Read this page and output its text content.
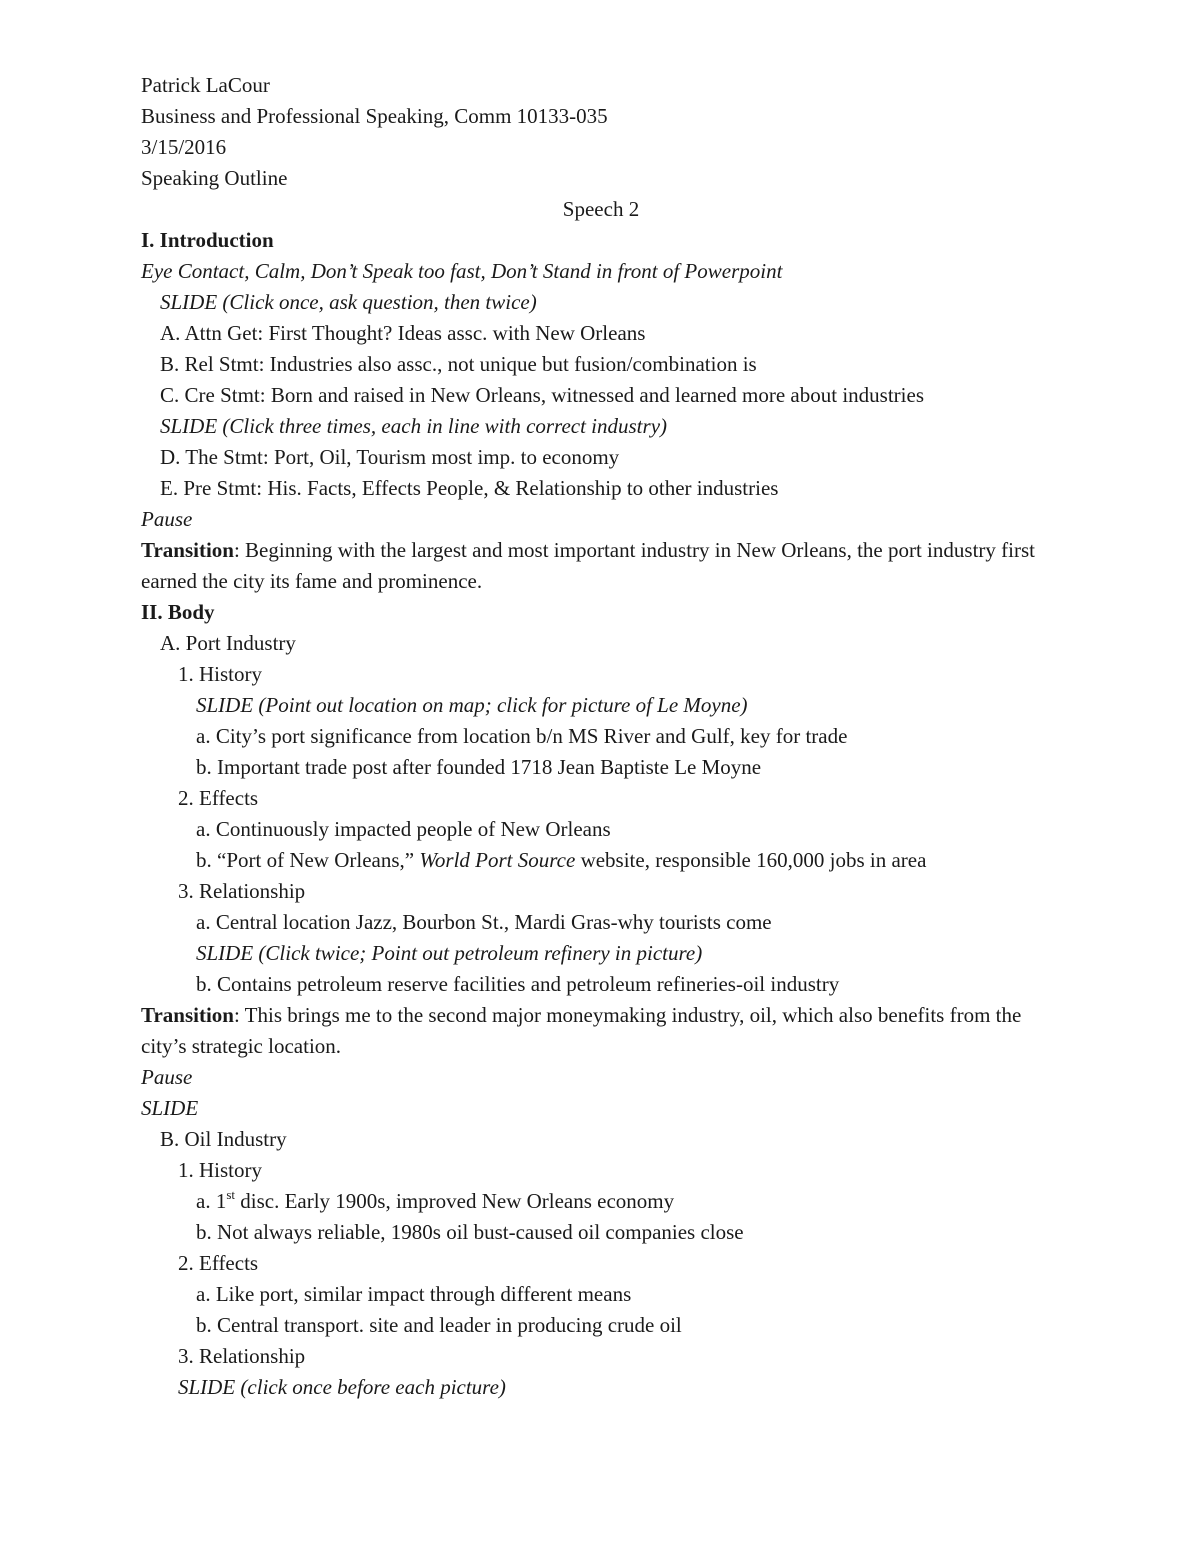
Patrick LaCour
Business and Professional Speaking, Comm 10133-035
3/15/2016
Speaking Outline
Speech 2
I. Introduction
Eye Contact, Calm, Don’t Speak too fast, Don’t Stand in front of Powerpoint
SLIDE (Click once, ask question, then twice)
A. Attn Get: First Thought? Ideas assc. with New Orleans
B. Rel Stmt: Industries also assc., not unique but fusion/combination is
C. Cre Stmt: Born and raised in New Orleans, witnessed and learned more about industries
SLIDE (Click three times, each in line with correct industry)
D. The Stmt: Port, Oil, Tourism most imp. to economy
E. Pre Stmt: His. Facts, Effects People, & Relationship to other industries
Pause
Transition: Beginning with the largest and most important industry in New Orleans, the port industry first earned the city its fame and prominence.
II. Body
A. Port Industry
1. History
SLIDE (Point out location on map; click for picture of Le Moyne)
a. City’s port significance from location b/n MS River and Gulf, key for trade
b. Important trade post after founded 1718 Jean Baptiste Le Moyne
2. Effects
a. Continuously impacted people of New Orleans
b. “Port of New Orleans,” World Port Source website, responsible 160,000 jobs in area
3. Relationship
a. Central location Jazz, Bourbon St., Mardi Gras-why tourists come
SLIDE (Click twice; Point out petroleum refinery in picture)
b. Contains petroleum reserve facilities and petroleum refineries-oil industry
Transition: This brings me to the second major moneymaking industry, oil, which also benefits from the city’s strategic location.
Pause
SLIDE
B. Oil Industry
1. History
a. 1st disc. Early 1900s, improved New Orleans economy
b. Not always reliable, 1980s oil bust-caused oil companies close
2. Effects
a. Like port, similar impact through different means
b. Central transport. site and leader in producing crude oil
3. Relationship
SLIDE (click once before each picture)
